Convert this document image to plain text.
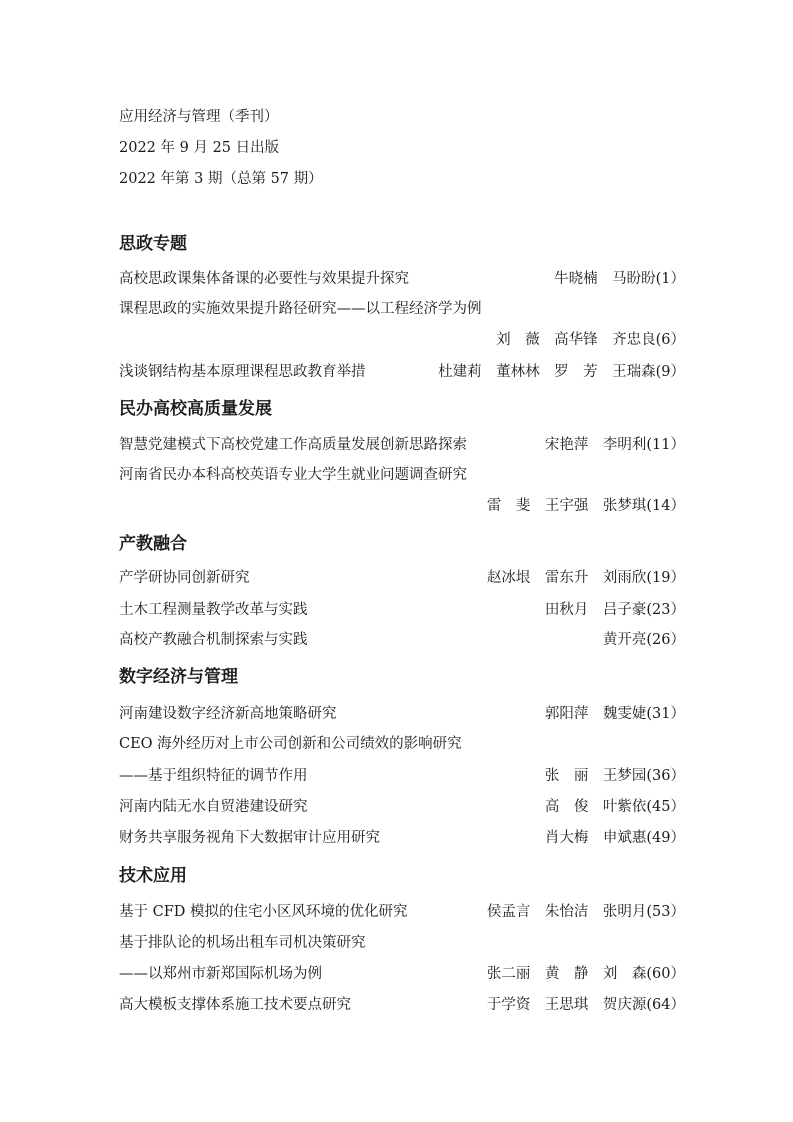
应用经济与管理（季刊）
2022 年 9 月 25 日出版
2022 年第 3 期（总第 57 期）
思政专题
高校思政课集体备课的必要性与效果提升探究	牛晓楠　马盼盼(1）
课程思政的实施效果提升路径研究——以工程经济学为例
刘　薇　高华锋　齐忠良(6）
浅谈钢结构基本原理课程思政教育举措	杜建莉　董林林　罗　芳　王瑞森(9）
民办高校高质量发展
智慧党建模式下高校党建工作高质量发展创新思路探索	宋艳萍　李明利(11）
河南省民办本科高校英语专业大学生就业问题调查研究
雷　斐　王宇强　张梦琪(14）
产教融合
产学研协同创新研究	赵冰垠　雷东升　刘雨欣(19）
土木工程测量教学改革与实践	田秋月　吕子豪(23）
高校产教融合机制探索与实践	黄开亮(26）
数字经济与管理
河南建设数字经济新高地策略研究	郭阳萍　魏雯婕(31）
CEO 海外经历对上市公司创新和公司绩效的影响研究
——基于组织特征的调节作用	张　丽　王梦园(36）
河南内陆无水自贸港建设研究	高　俊　叶紫依(45）
财务共享服务视角下大数据审计应用研究	肖大梅　申斌惠(49）
技术应用
基于 CFD 模拟的住宅小区风环境的优化研究	侯孟言　朱怡洁　张明月(53）
基于排队论的机场出租车司机决策研究
——以郑州市新郑国际机场为例	张二丽　黄　静　刘　森(60）
高大模板支撑体系施工技术要点研究	于学资　王思琪　贺庆源(64）
